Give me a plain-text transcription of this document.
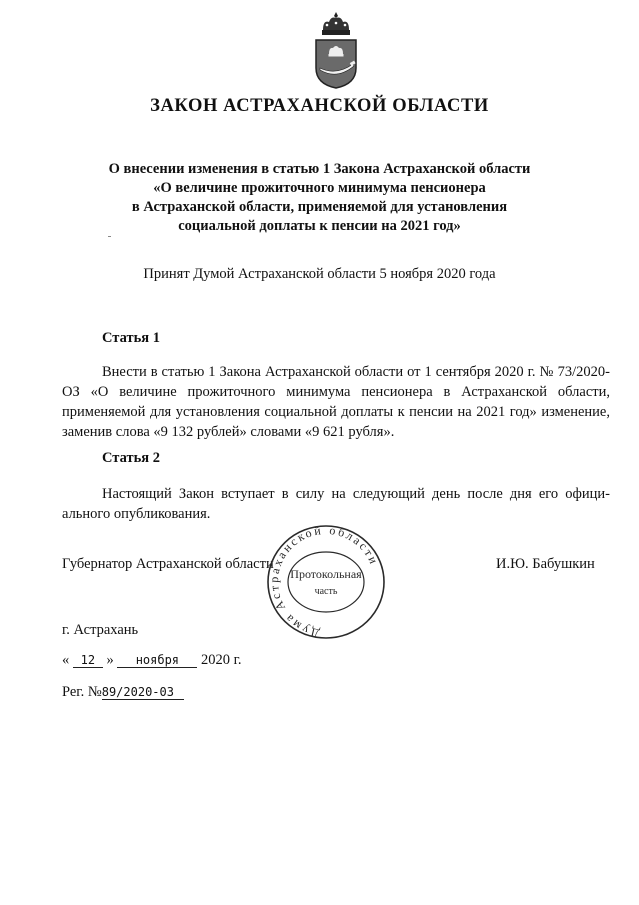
ЗАКОН АСТРАХАНСКОЙ ОБЛАСТИ
О внесении изменения в статью 1 Закона Астраханской области
«О величине прожиточного минимума пенсионера
в Астраханской области, применяемой для установления
социальной доплаты к пенсии на 2021 год»
Принят Думой Астраханской области 5 ноября 2020 года
Статья 1
Внести в статью 1 Закона Астраханской области от 1 сентября 2020 г. № 73/2020-ОЗ «О величине прожиточного минимума пенсионера в Астраханской области, применяемой для установления социальной доплаты к пенсии на 2021 год» изменение, заменив слова «9 132 рублей» словами «9 621 рубля».
Статья 2
Настоящий Закон вступает в силу на следующий день после дня его офици-ального опубликования.
Губернатор Астраханской области	И.Ю. Бабушкин
Дума Астраханской области
Протокольная
часть
г. Астрахань
« 12 » ноября 2020 г.
Рег. №89/2020-03
